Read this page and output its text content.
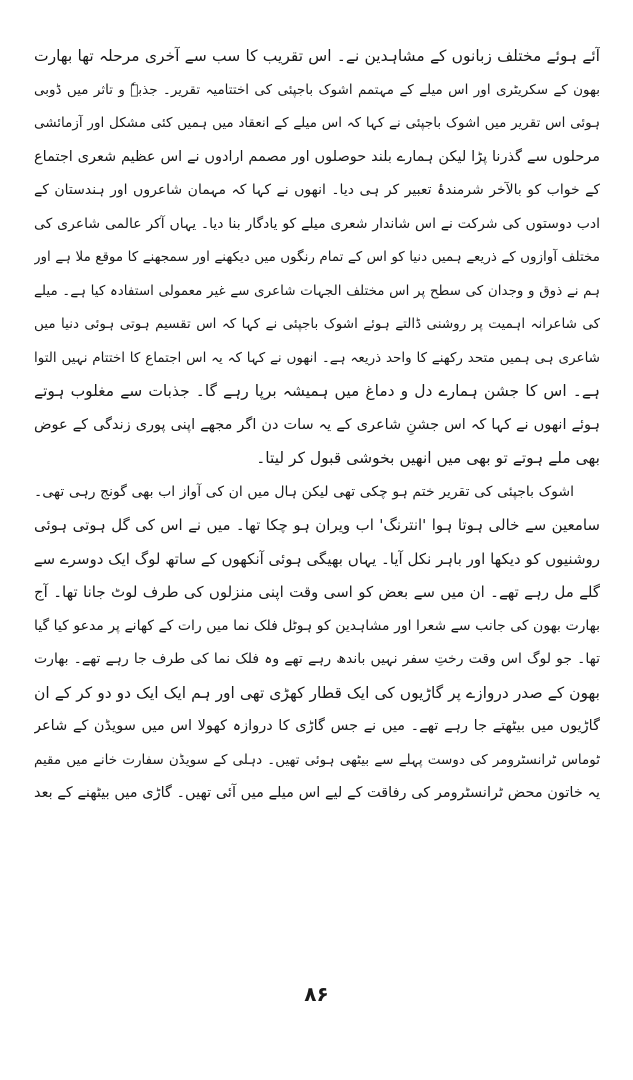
آئے ہوئے مختلف زبانوں کے مشاہدین نے۔ اس تقریب کا سب سے آخری مرحلہ تھا بھارت
بھون کے سکریٹری اور اس میلے کے مہتمم اشوک باجپئی کی اختتامیہ تقریر۔ جذبہٗ و تاثر میں ڈوبی
ہوئی اس تقریر میں اشوک باجپئی نے کہا کہ اس میلے کے انعقاد میں ہمیں کئی مشکل اور آزمائشی
مرحلوں سے گذرنا پڑا لیکن ہمارے بلند حوصلوں اور مصمم ارادوں نے اس عظیم شعری اجتماع
کے خواب کو بالآخر شرمندۂ تعبیر کر ہی دیا۔ انھوں نے کہا کہ مہمان شاعروں اور ہندستان کے
ادب دوستوں کی شرکت نے اس شاندار شعری میلے کو یادگار بنا دیا۔ یہاں آکر عالمی شاعری کی
مختلف آوازوں کے ذریعے ہمیں دنیا کو اس کے تمام رنگوں میں دیکھنے اور سمجھنے کا موقع ملا ہے اور
ہم نے ذوق و وجدان کی سطح پر اس مختلف الجہات شاعری سے غیر معمولی استفادہ کیا ہے۔ میلے
کی شاعرانہ اہمیت پر روشنی ڈالتے ہوئے اشوک باجپئی نے کہا کہ اس تقسیم ہوتی ہوئی دنیا میں
شاعری ہی ہمیں متحد رکھنے کا واحد ذریعہ ہے۔ انھوں نے کہا کہ یہ اس اجتماع کا اختتام نہیں التوا
ہے۔ اس کا جشن ہمارے دل و دماغ میں ہمیشہ برپا رہے گا۔ جذبات سے مغلوب ہوتے
ہوئے انھوں نے کہا کہ اس جشنِ شاعری کے یہ سات دن اگر مجھے اپنی پوری زندگی کے عوض
بھی ملے ہوتے تو بھی میں انھیں بخوشی قبول کر لیتا۔
اشوک باجپئی کی تقریر ختم ہو چکی تھی لیکن ہال میں ان کی آواز اب بھی گونج رہی تھی۔
سامعین سے خالی ہوتا ہوا 'انترنگ' اب ویران ہو چکا تھا۔ میں نے اس کی گل ہوتی ہوئی
روشنیوں کو دیکھا اور باہر نکل آیا۔ یہاں بھیگی ہوئی آنکھوں کے ساتھ لوگ ایک دوسرے سے
گلے مل رہے تھے۔ ان میں سے بعض کو اسی وقت اپنی منزلوں کی طرف لوٹ جانا تھا۔ آج
بھارت بھون کی جانب سے شعرا اور مشاہدین کو ہوٹل فلک نما میں رات کے کھانے پر مدعو کیا گیا
تھا۔ جو لوگ اس وقت رختِ سفر نہیں باندھ رہے تھے وہ فلک نما کی طرف جا رہے تھے۔ بھارت
بھون کے صدر دروازے پر گاڑیوں کی ایک قطار کھڑی تھی اور ہم ایک ایک دو دو کر کے ان
گاڑیوں میں بیٹھتے جا رہے تھے۔ میں نے جس گاڑی کا دروازہ کھولا اس میں سویڈن کے شاعر
ٹوماس ٹرانسٹرومر کی دوست پہلے سے بیٹھی ہوئی تھیں۔ دہلی کے سویڈن سفارت خانے میں مقیم
یہ خاتون محض ٹرانسٹرومر کی رفاقت کے لیے اس میلے میں آئی تھیں۔ گاڑی میں بیٹھنے کے بعد
۸۶
